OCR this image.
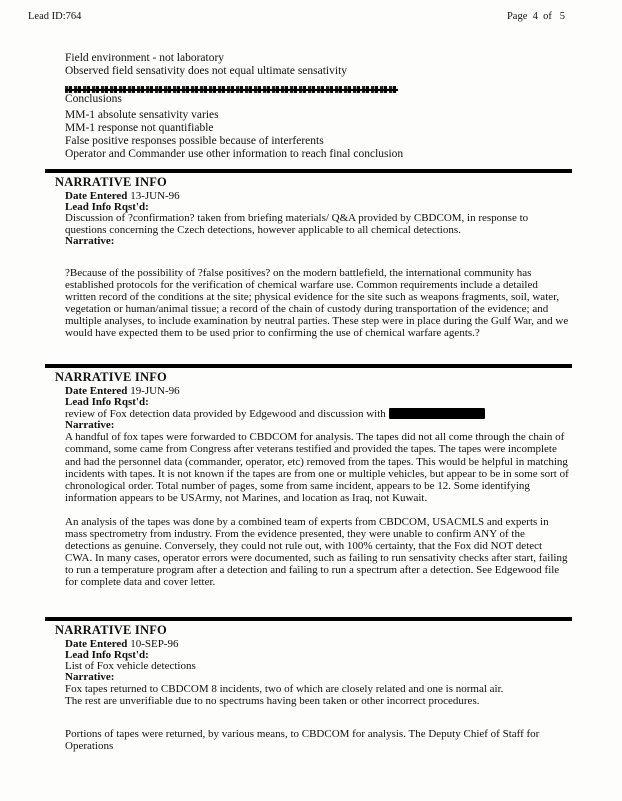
Lead ID:764	Page  4  of   5

Field environment - not laboratory

Observed field sensativity does not equal ultimate sensativity

Conclusions

MM-1 absolute sensativity varies

MM-1 response not quantifiable

False positive responses possible because of interferents

Operator and Commander use other information to reach final conclusion

NARRATIVE INFO

Date Entered 13-JUN-96

Lead Info Rqst'd:

Discussion of ?confirmation? taken from briefing materials/ Q&A provided by CBDCOM, in response to questions concerning the Czech detections, however applicable to all chemical detections.

Narrative:

?Because of the possibility of ?false positives? on the modern battlefield, the international community has established protocols for the verification of chemical warfare use. Common requirements include a detailed written record of the conditions at the site; physical evidence for the site such as weapons fragments, soil, water, vegetation or human/animal tissue; a record of the chain of custody during transportation of the evidence; and multiple analyses, to include examination by neutral parties. These step were in place during the Gulf War, and we would have expected them to be used prior to confirming the use of chemical warfare agents.?

NARRATIVE INFO

Date Entered 19-JUN-96

Lead Info Rqst'd:

review of Fox detection data provided by Edgewood and discussion with

Narrative:

A handful of fox tapes were forwarded to CBDCOM for analysis. The tapes did not all come through the chain of command, some came from Congress after veterans testified and provided the tapes. The tapes were incomplete and had the personnel data (commander, operator, etc) removed from the tapes. This would be helpful in matching incidents with tapes. It is not known if the tapes are from one or multiple vehicles, but appear to be in some sort of chronological order. Total number of pages, some from same incident, appears to be 12. Some identifying information appears to be USArmy, not Marines, and location as Iraq, not Kuwait.

An analysis of the tapes was done by a combined team of experts from CBDCOM, USACMLS and experts in mass spectrometry from industry. From the evidence presented, they were unable to confirm ANY of the detections as genuine. Conversely, they could not rule out, with 100% certainty, that the Fox did NOT detect CWA. In many cases, operator errors were documented, such as failing to run sensativity checks after start, failing to run a temperature program after a detection and failing to run a spectrum after a detection. See Edgewood file for complete data and cover letter.

NARRATIVE INFO

Date Entered 10-SEP-96

Lead Info Rqst'd:

List of Fox vehicle detections

Narrative:

Fox tapes returned to CBDCOM 8 incidents, two of which are closely related and one is normal air.

The rest are unverifiable due to no spectrums having been taken or other incorrect procedures.

Portions of tapes were returned, by various means, to CBDCOM for analysis. The Deputy Chief of Staff for Operations
